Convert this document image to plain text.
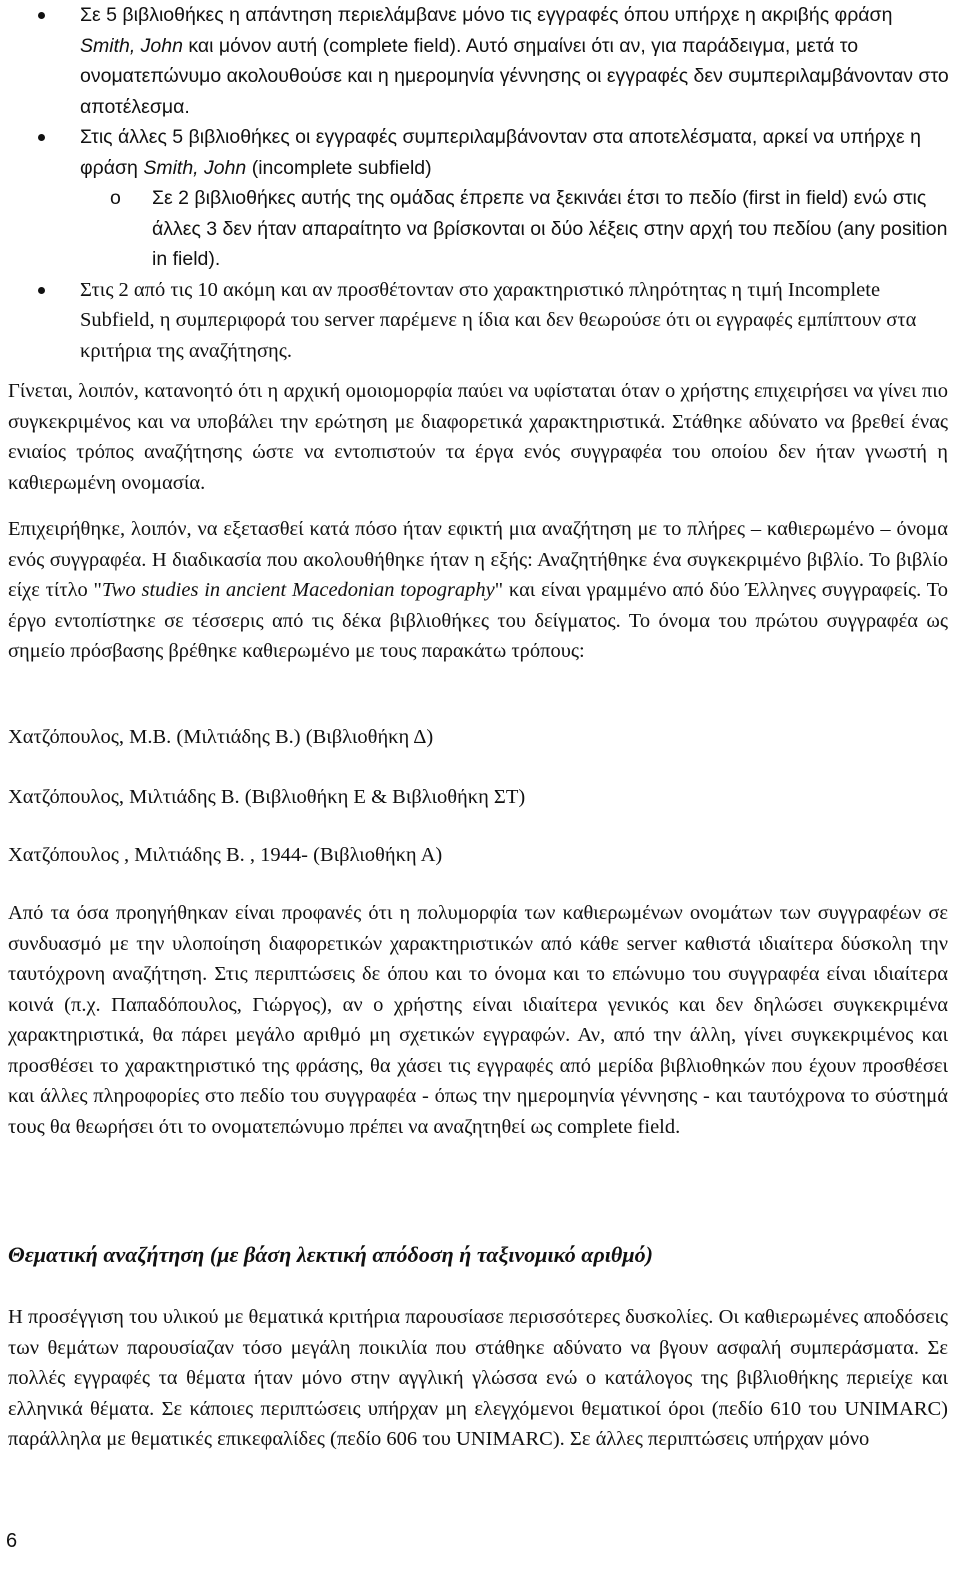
Σε 5 βιβλιοθήκες η απάντηση περιελάμβανε μόνο τις εγγραφές όπου υπήρχε η ακριβής φράση Smith, John και μόνον αυτή (complete field). Αυτό σημαίνει ότι αν, για παράδειγμα, μετά το ονοματεπώνυμο ακολουθούσε και η ημερομηνία γέννησης οι εγγραφές δεν συμπεριλαμβάνονταν στο αποτέλεσμα.
Στις άλλες 5 βιβλιοθήκες οι εγγραφές συμπεριλαμβάνονταν στα αποτελέσματα, αρκεί να υπήρχε η φράση Smith, John (incomplete subfield)
o Σε 2 βιβλιοθήκες αυτής της ομάδας έπρεπε να ξεκινάει έτσι το πεδίο (first in field) ενώ στις άλλες 3 δεν ήταν απαραίτητο να βρίσκονται οι δύο λέξεις στην αρχή του πεδίου (any position in field).
Στις 2 από τις 10 ακόμη και αν προσθέτονταν στο χαρακτηριστικό πληρότητας η τιμή Incomplete Subfield, η συμπεριφορά του server παρέμενε η ίδια και δεν θεωρούσε ότι οι εγγραφές εμπίπτουν στα κριτήρια της αναζήτησης.

Γίνεται, λοιπόν, κατανοητό ότι η αρχική ομοιομορφία παύει να υφίσταται όταν ο χρήστης επιχειρήσει να γίνει πιο συγκεκριμένος και να υποβάλει την ερώτηση με διαφορετικά χαρακτηριστικά. Στάθηκε αδύνατο να βρεθεί ένας ενιαίος τρόπος αναζήτησης ώστε να εντοπιστούν τα έργα ενός συγγραφέα του οποίου δεν ήταν γνωστή η καθιερωμένη ονομασία.

Επιχειρήθηκε, λοιπόν, να εξετασθεί κατά πόσο ήταν εφικτή μια αναζήτηση με το πλήρες – καθιερωμένο – όνομα ενός συγγραφέα. Η διαδικασία που ακολουθήθηκε ήταν η εξής: Αναζητήθηκε ένα συγκεκριμένο βιβλίο. Το βιβλίο είχε τίτλο "Two studies in ancient Macedonian topography" και είναι γραμμένο από δύο Έλληνες συγγραφείς. Το έργο εντοπίστηκε σε τέσσερις από τις δέκα βιβλιοθήκες του δείγματος. Το όνομα του πρώτου συγγραφέα ως σημείο πρόσβασης βρέθηκε καθιερωμένο με τους παρακάτω τρόπους:

Χατζόπουλος, Μ.Β. (Μιλτιάδης Β.) (Βιβλιοθήκη Δ)

Χατζόπουλος, Μιλτιάδης Β. (Βιβλιοθήκη Ε & Βιβλιοθήκη ΣΤ)

Χατζόπουλος , Μιλτιάδης Β. , 1944- (Βιβλιοθήκη Α)

Από τα όσα προηγήθηκαν είναι προφανές ότι η πολυμορφία των καθιερωμένων ονομάτων των συγγραφέων σε συνδυασμό με την υλοποίηση διαφορετικών χαρακτηριστικών από κάθε server καθιστά ιδιαίτερα δύσκολη την ταυτόχρονη αναζήτηση. Στις περιπτώσεις δε όπου και το όνομα και το επώνυμο του συγγραφέα είναι ιδιαίτερα κοινά (π.χ. Παπαδόπουλος, Γιώργος), αν ο χρήστης είναι ιδιαίτερα γενικός και δεν δηλώσει συγκεκριμένα χαρακτηριστικά, θα πάρει μεγάλο αριθμό μη σχετικών εγγραφών. Αν, από την άλλη, γίνει συγκεκριμένος και προσθέσει το χαρακτηριστικό της φράσης, θα χάσει τις εγγραφές από μερίδα βιβλιοθηκών που έχουν προσθέσει και άλλες πληροφορίες στο πεδίο του συγγραφέα - όπως την ημερομηνία γέννησης - και ταυτόχρονα το σύστημά τους θα θεωρήσει ότι το ονοματεπώνυμο πρέπει να αναζητηθεί ως complete field.

Θεματική αναζήτηση (με βάση λεκτική απόδοση ή ταξινομικό αριθμό)

Η προσέγγιση του υλικού με θεματικά κριτήρια παρουσίασε περισσότερες δυσκολίες. Οι καθιερωμένες αποδόσεις των θεμάτων παρουσίαζαν τόσο μεγάλη ποικιλία που στάθηκε αδύνατο να βγουν ασφαλή συμπεράσματα. Σε πολλές εγγραφές τα θέματα ήταν μόνο στην αγγλική γλώσσα ενώ ο κατάλογος της βιβλιοθήκης περιείχε και ελληνικά θέματα. Σε κάποιες περιπτώσεις υπήρχαν μη ελεγχόμενοι θεματικοί όροι (πεδίο 610 του UNIMARC) παράλληλα με θεματικές επικεφαλίδες (πεδίο 606 του UNIMARC). Σε άλλες περιπτώσεις υπήρχαν μόνο

6
